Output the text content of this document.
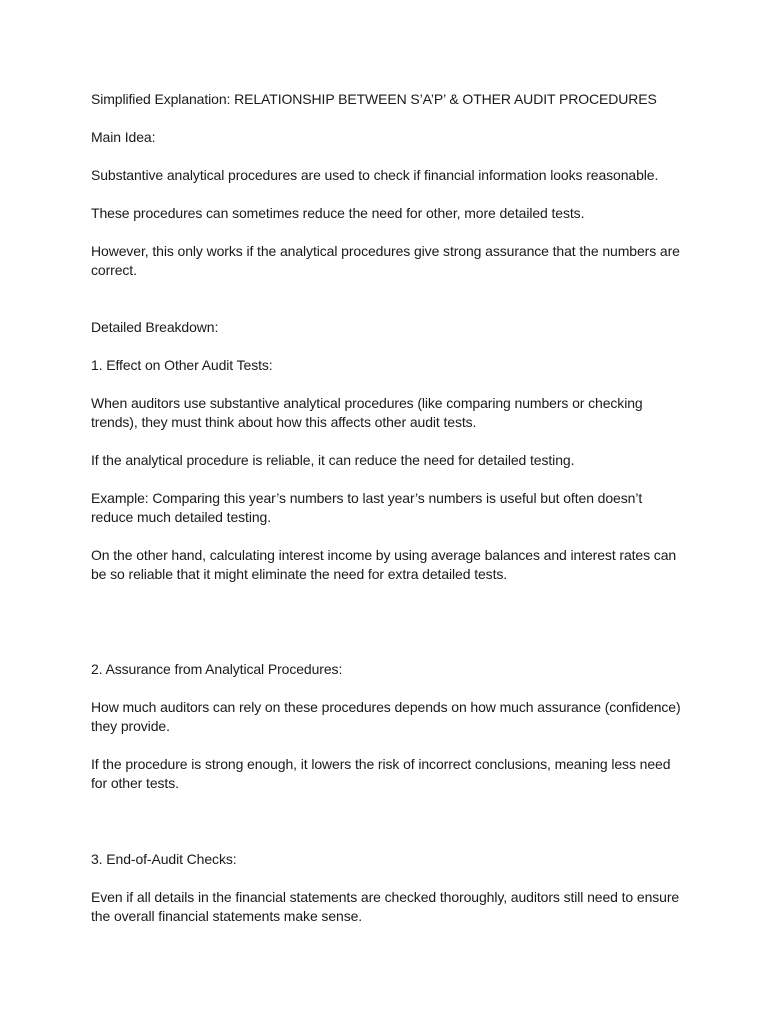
Simplified Explanation: RELATIONSHIP BETWEEN S’A’P’ & OTHER AUDIT PROCEDURES

Main Idea:

Substantive analytical procedures are used to check if financial information looks reasonable.

These procedures can sometimes reduce the need for other, more detailed tests.

However, this only works if the analytical procedures give strong assurance that the numbers are correct.

Detailed Breakdown:

1. Effect on Other Audit Tests:

When auditors use substantive analytical procedures (like comparing numbers or checking trends), they must think about how this affects other audit tests.

If the analytical procedure is reliable, it can reduce the need for detailed testing.

Example: Comparing this year’s numbers to last year’s numbers is useful but often doesn’t reduce much detailed testing.

On the other hand, calculating interest income by using average balances and interest rates can be so reliable that it might eliminate the need for extra detailed tests.

2. Assurance from Analytical Procedures:

How much auditors can rely on these procedures depends on how much assurance (confidence) they provide.

If the procedure is strong enough, it lowers the risk of incorrect conclusions, meaning less need for other tests.

3. End-of-Audit Checks:

Even if all details in the financial statements are checked thoroughly, auditors still need to ensure the overall financial statements make sense.
